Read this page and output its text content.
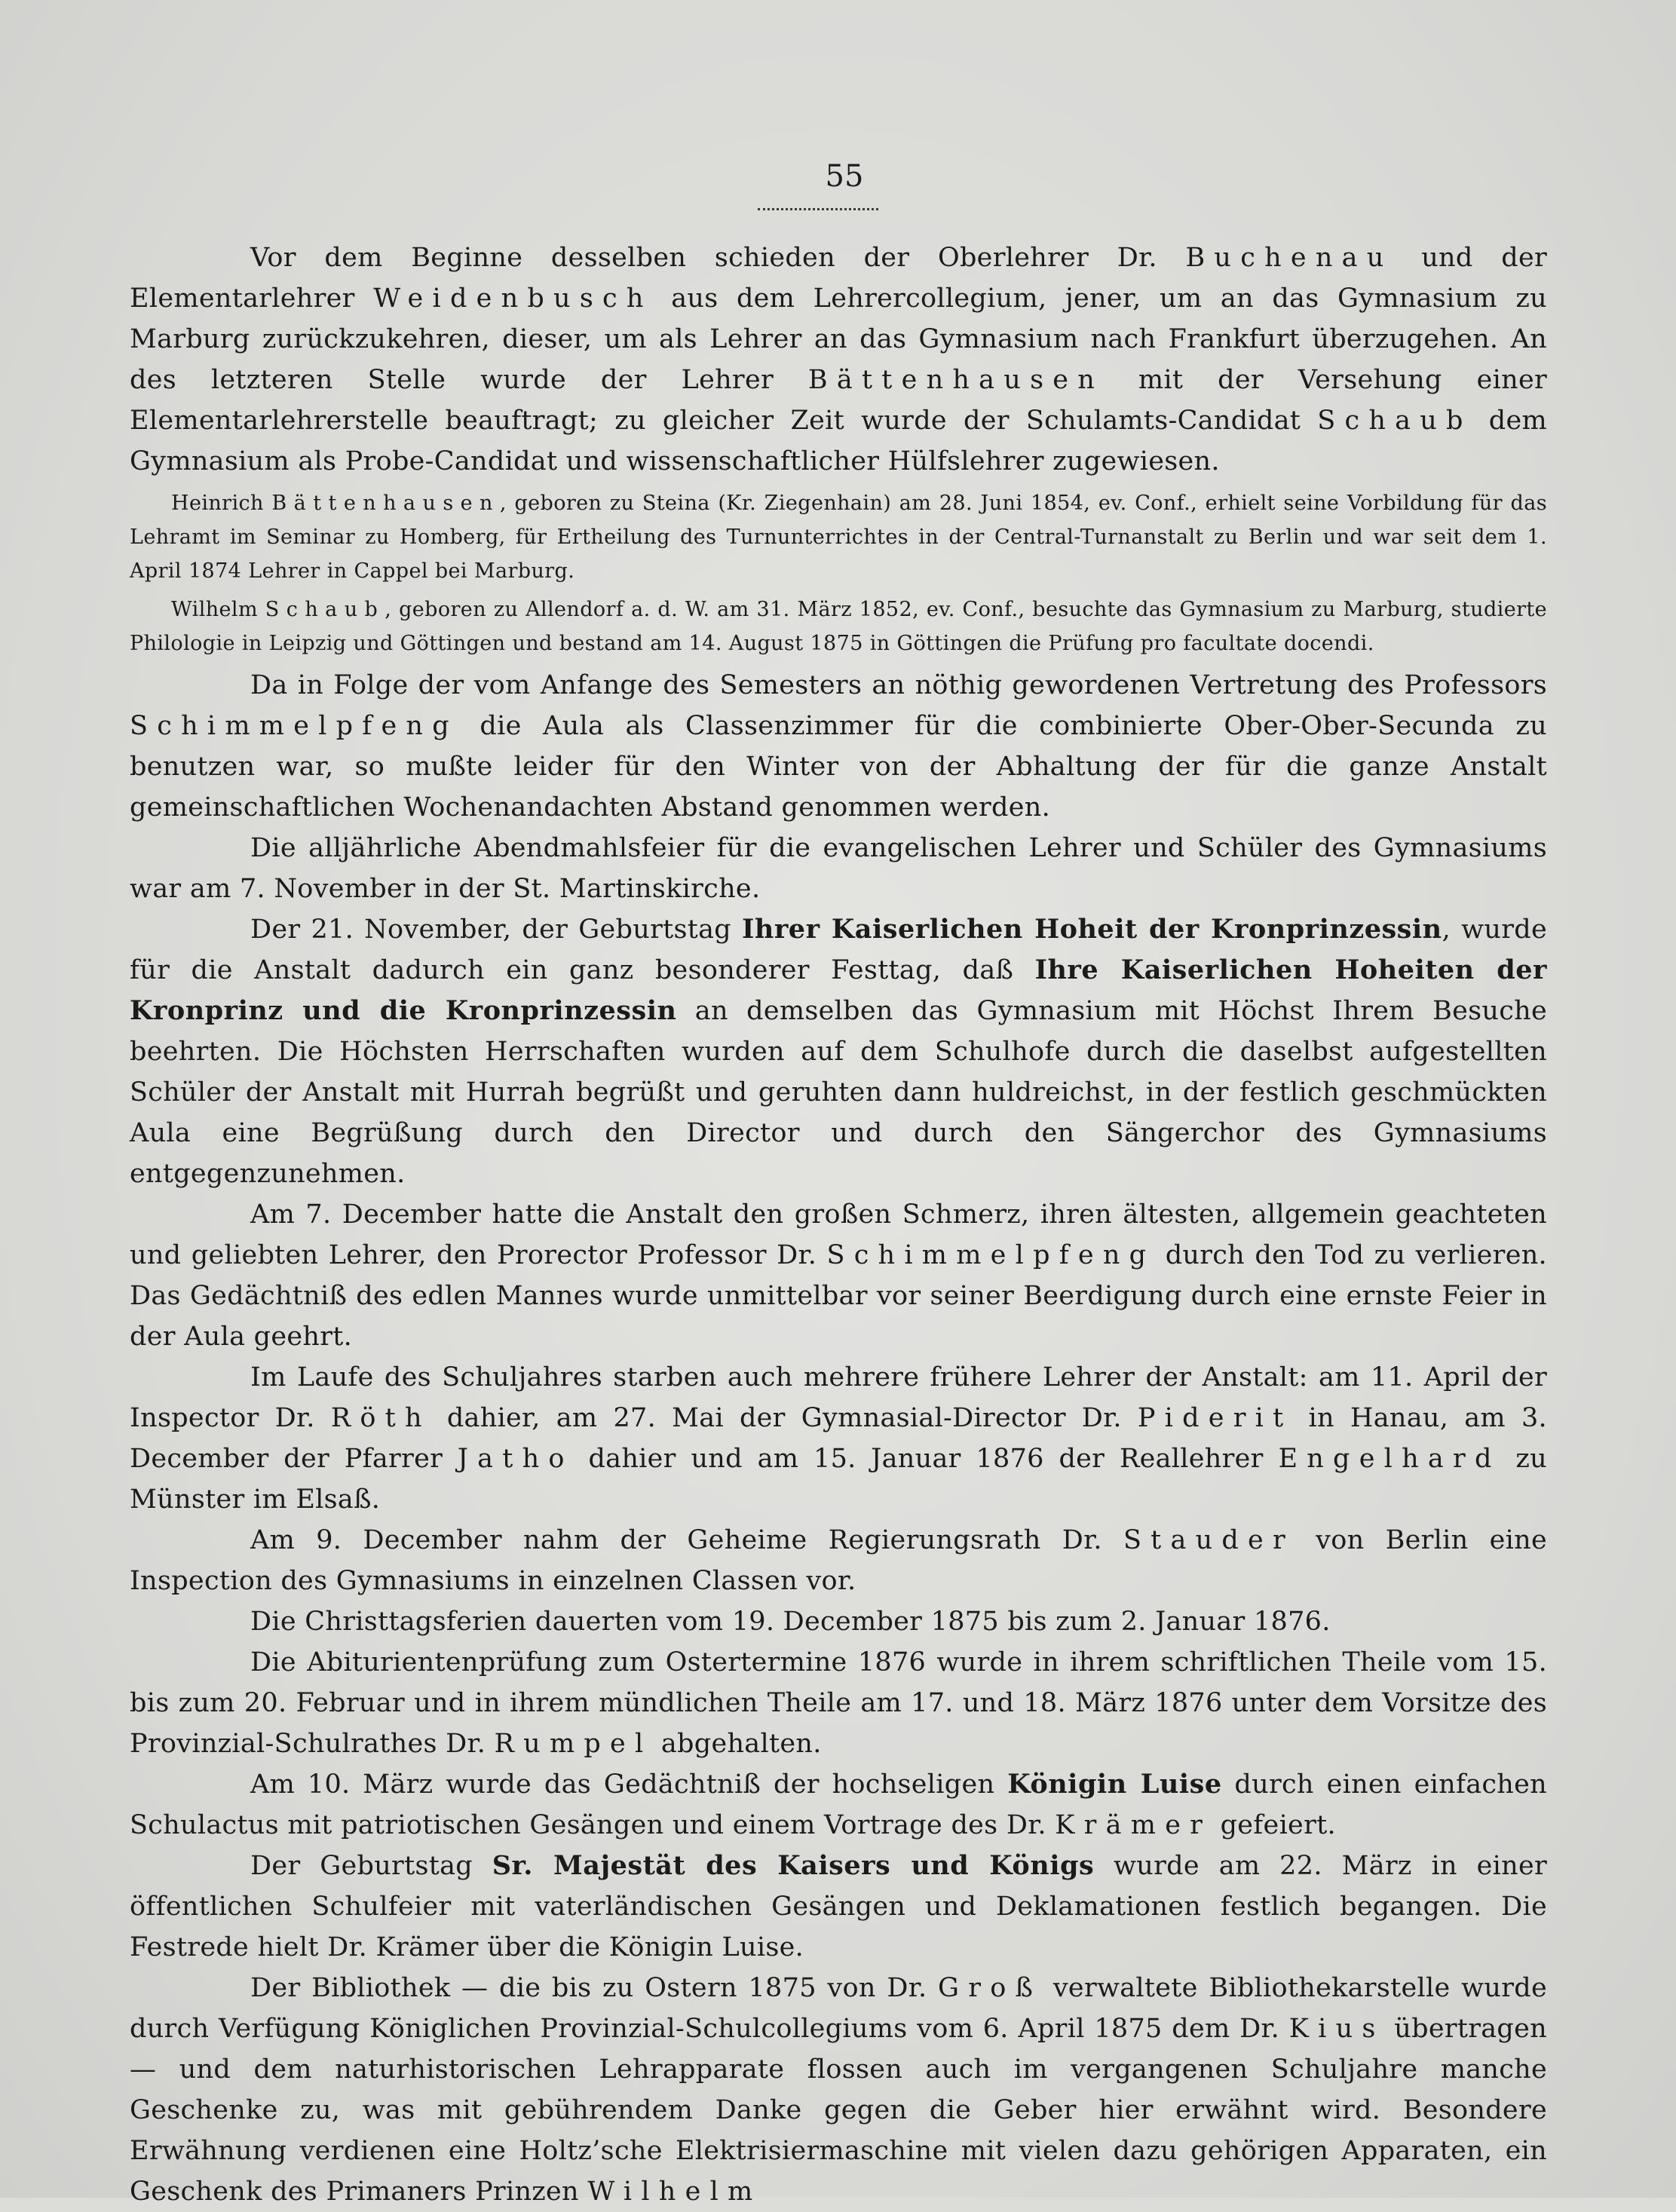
55

Vor dem Beginne desselben schieden der Oberlehrer Dr. Buchenau und der Elementarlehrer Weidenbusch aus dem Lehrercollegium, jener, um an das Gymnasium zu Marburg zurückzukehren, dieser, um als Lehrer an das Gymnasium nach Frankfurt überzugehen. An des letzteren Stelle wurde der Lehrer Bättenhausen mit der Versehung einer Elementarlehrerstelle beauftragt; zu gleicher Zeit wurde der Schulamts-Candidat Schaub dem Gymnasium als Probe-Candidat und wissenschaftlicher Hülfslehrer zugewiesen.

Heinrich Bättenhausen, geboren zu Steina (Kr. Ziegenhain) am 28. Juni 1854, ev. Conf., erhielt seine Vorbildung für das Lehramt im Seminar zu Homberg, für Ertheilung des Turnunterrichtes in der Central-Turnanstalt zu Berlin und war seit dem 1. April 1874 Lehrer in Cappel bei Marburg.

Wilhelm Schaub, geboren zu Allendorf a. d. W. am 31. März 1852, ev. Conf., besuchte das Gymnasium zu Marburg, studierte Philologie in Leipzig und Göttingen und bestand am 14. August 1875 in Göttingen die Prüfung pro facultate docendi.

Da in Folge der vom Anfange des Semesters an nöthig gewordenen Vertretung des Professors Schimmelpfeng die Aula als Classenzimmer für die combinierte Ober-Ober-Secunda zu benutzen war, so mußte leider für den Winter von der Abhaltung der für die ganze Anstalt gemeinschaftlichen Wochenandachten Abstand genommen werden.

Die alljährliche Abendmahlsfeier für die evangelischen Lehrer und Schüler des Gymnasiums war am 7. November in der St. Martinskirche.

Der 21. November, der Geburtstag Ihrer Kaiserlichen Hoheit der Kronprinzessin, wurde für die Anstalt dadurch ein ganz besonderer Festtag, daß Ihre Kaiserlichen Hoheiten der Kronprinz und die Kronprinzessin an demselben das Gymnasium mit Höchst Ihrem Besuche beehrten. Die Höchsten Herrschaften wurden auf dem Schulhofe durch die daselbst aufgestellten Schüler der Anstalt mit Hurrah begrüßt und geruhten dann huldreichst, in der festlich geschmückten Aula eine Begrüßung durch den Director und durch den Sängerchor des Gymnasiums entgegenzunehmen.

Am 7. December hatte die Anstalt den großen Schmerz, ihren ältesten, allgemein geachteten und geliebten Lehrer, den Prorector Professor Dr. Schimmelpfeng durch den Tod zu verlieren. Das Gedächtniß des edlen Mannes wurde unmittelbar vor seiner Beerdigung durch eine ernste Feier in der Aula geehrt.

Im Laufe des Schuljahres starben auch mehrere frühere Lehrer der Anstalt: am 11. April der Inspector Dr. Röth dahier, am 27. Mai der Gymnasial-Director Dr. Piderit in Hanau, am 3. December der Pfarrer Jatho dahier und am 15. Januar 1876 der Reallehrer Engelhard zu Münster im Elsaß.

Am 9. December nahm der Geheime Regierungsrath Dr. Stauder von Berlin eine Inspection des Gymnasiums in einzelnen Classen vor.

Die Christtagsferien dauerten vom 19. December 1875 bis zum 2. Januar 1876.

Die Abiturientenprüfung zum Ostertermine 1876 wurde in ihrem schriftlichen Theile vom 15. bis zum 20. Februar und in ihrem mündlichen Theile am 17. und 18. März 1876 unter dem Vorsitze des Provinzial-Schulrathes Dr. Rumpel abgehalten.

Am 10. März wurde das Gedächtniß der hochseligen Königin Luise durch einen einfachen Schulactus mit patriotischen Gesängen und einem Vortrage des Dr. Krämer gefeiert.

Der Geburtstag Sr. Majestät des Kaisers und Königs wurde am 22. März in einer öffentlichen Schulfeier mit vaterländischen Gesängen und Deklamationen festlich begangen. Die Festrede hielt Dr. Krämer über die Königin Luise.

Der Bibliothek — die bis zu Ostern 1875 von Dr. Groß verwaltete Bibliothekarstelle wurde durch Verfügung Königlichen Provinzial-Schulcollegiums vom 6. April 1875 dem Dr. Kius übertragen — und dem naturhistorischen Lehrapparate flossen auch im vergangenen Schuljahre manche Geschenke zu, was mit gebührendem Danke gegen die Geber hier erwähnt wird. Besondere Erwähnung verdienen eine Holtz’sche Elektrisiermaschine mit vielen dazu gehörigen Apparaten, ein Geschenk des Primaners Prinzen Wilhelm
